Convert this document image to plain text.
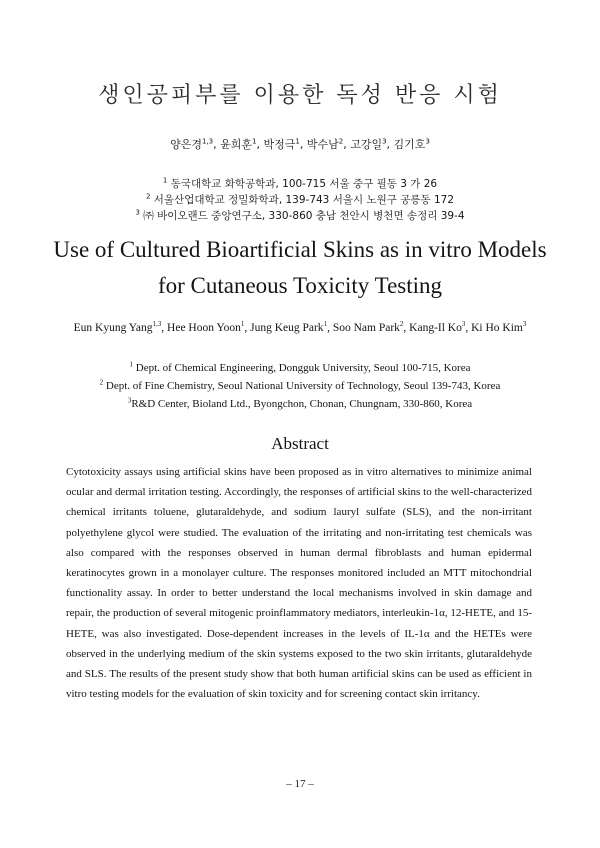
생인공피부를 이용한 독성 반응 시험
양은경$^{1,3}$, 윤희훈$^1$, 박정극$^1$, 박수남$^2$, 고강일$^3$, 김기호$^3$
$^1$ 동국대학교 화학공학과, 100-715 서울 중구 필동 3 가 26
$^2$ 서울산업대학교 정밀화학과, 139-743 서울시 노원구 공릉동 172
$^3$ ㈜ 바이오랜드 중앙연구소, 330-860 충남 천안시 병천면 송정리 39-4
Use of Cultured Bioartificial Skins as in vitro Models
for Cutaneous Toxicity Testing
Eun Kyung Yang$^{1,3}$, Hee Hoon Yoon$^1$, Jung Keug Park$^1$, Soo Nam Park$^2$, Kang-Il Ko$^3$, Ki Ho Kim$^3$
$^1$ Dept. of Chemical Engineering, Dongguk University, Seoul 100-715, Korea
$^2$ Dept. of Fine Chemistry, Seoul National University of Technology, Seoul 139-743, Korea
$^3$R&D Center, Bioland Ltd., Byongchon, Chonan, Chungnam, 330-860, Korea
Abstract
Cytotoxicity assays using artificial skins have been proposed as in vitro alternatives to minimize animal ocular and dermal irritation testing. Accordingly, the responses of artificial skins to the well-characterized chemical irritants toluene, glutaraldehyde, and sodium lauryl sulfate (SLS), and the non-irritant polyethylene glycol were studied. The evaluation of the irritating and non-irritating test chemicals was also compared with the responses observed in human dermal fibroblasts and human epidermal keratinocytes grown in a monolayer culture. The responses monitored included an MTT mitochondrial functionality assay. In order to better understand the local mechanisms involved in skin damage and repair, the production of several mitogenic proinflammatory mediators, interleukin-1α, 12-HETE, and 15-HETE, was also investigated. Dose-dependent increases in the levels of IL-1α and the HETEs were observed in the underlying medium of the skin systems exposed to the two skin irritants, glutaraldehyde and SLS. The results of the present study show that both human artificial skins can be used as efficient in vitro testing models for the evaluation of skin toxicity and for screening contact skin irritancy.
– 17 –
